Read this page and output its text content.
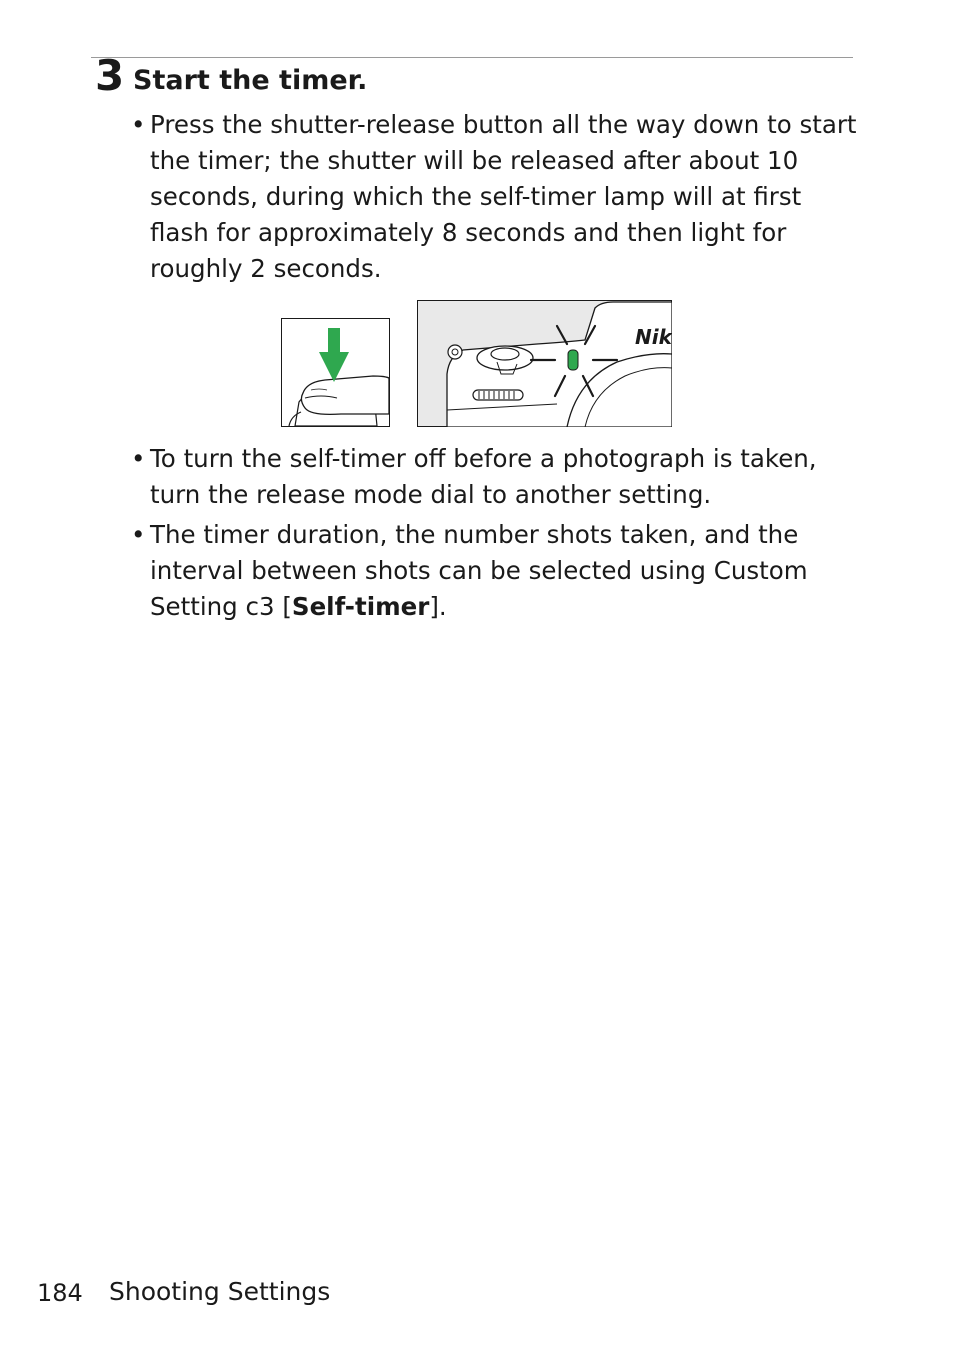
3 Start the timer.
• Press the shutter-release button all the way down to start the timer; the shutter will be released after about 10 seconds, during which the self-timer lamp will at first flash for approximately 8 seconds and then light for roughly 2 seconds.
Nik
• To turn the self-timer off before a photograph is taken, turn the release mode dial to another setting.
• The timer duration, the number shots taken, and the interval between shots can be selected using Custom Setting c3 [Self-timer].
184 Shooting Settings
